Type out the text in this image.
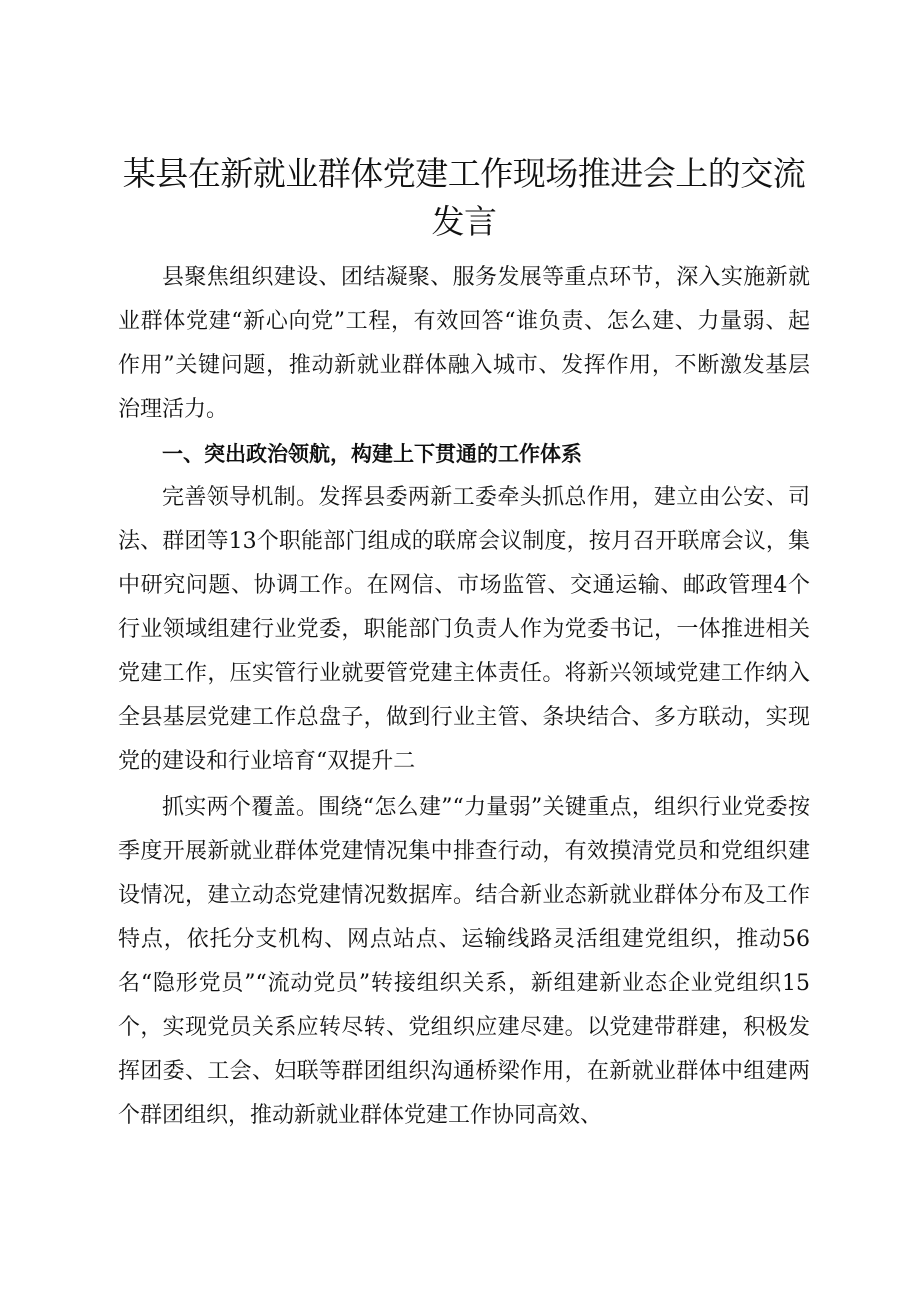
某县在新就业群体党建工作现场推进会上的交流发言

县聚焦组织建设、团结凝聚、服务发展等重点环节，深入实施新就业群体党建“新心向党”工程，有效回答“谁负责、怎么建、力量弱、起作用”关键问题，推动新就业群体融入城市、发挥作用，不断激发基层治理活力。

一、突出政治领航，构建上下贯通的工作体系

完善领导机制。发挥县委两新工委牵头抓总作用，建立由公安、司法、群团等13个职能部门组成的联席会议制度，按月召开联席会议，集中研究问题、协调工作。在网信、市场监管、交通运输、邮政管理4个行业领域组建行业党委，职能部门负责人作为党委书记，一体推进相关党建工作，压实管行业就要管党建主体责任。将新兴领域党建工作纳入全县基层党建工作总盘子，做到行业主管、条块结合、多方联动，实现党的建设和行业培育“双提升二

抓实两个覆盖。围绕“怎么建”“力量弱”关键重点，组织行业党委按季度开展新就业群体党建情况集中排查行动，有效摸清党员和党组织建设情况，建立动态党建情况数据库。结合新业态新就业群体分布及工作特点，依托分支机构、网点站点、运输线路灵活组建党组织，推动56名“隐形党员”“流动党员”转接组织关系，新组建新业态企业党组织15个，实现党员关系应转尽转、党组织应建尽建。以党建带群建，积极发挥团委、工会、妇联等群团组织沟通桥梁作用，在新就业群体中组建两个群团组织，推动新就业群体党建工作协同高效、
